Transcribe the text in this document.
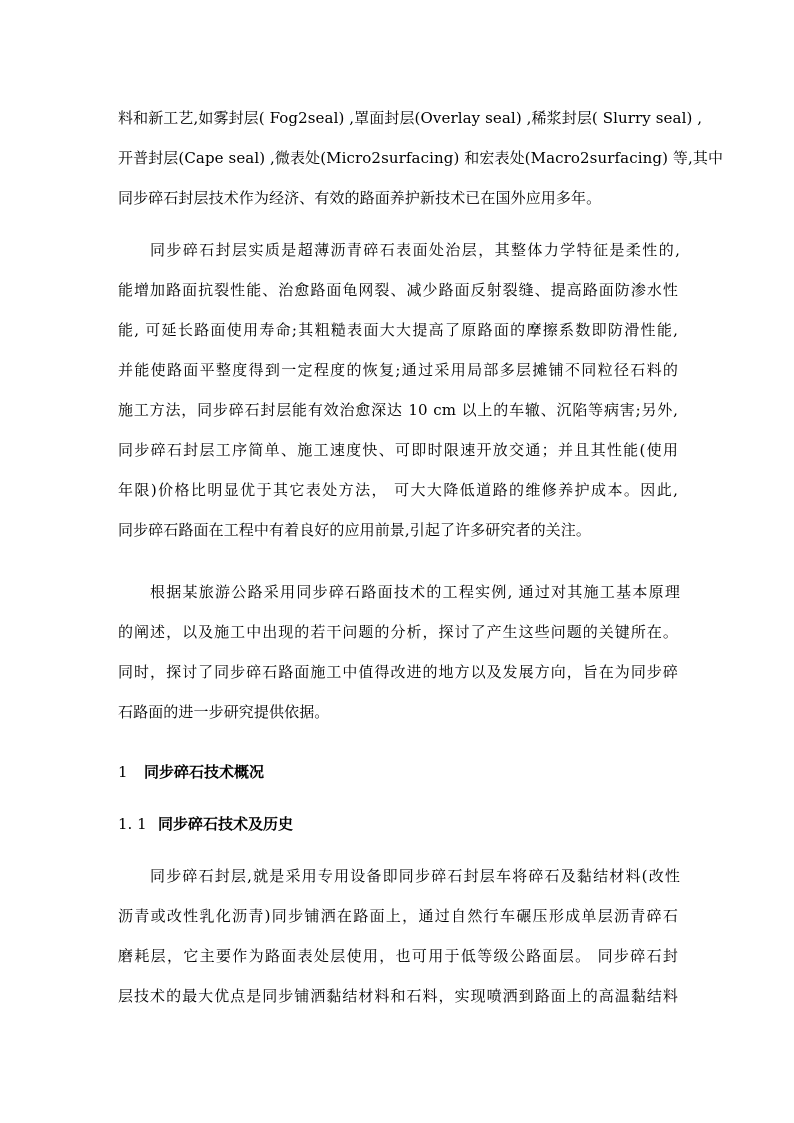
料和新工艺,如雾封层( Fog2seal) ,罩面封层(Overlay seal) ,稀浆封层( Slurry seal) ,
开普封层(Cape seal) ,微表处(Micro2surfacing) 和宏表处(Macro2surfacing) 等,其中
同步碎石封层技术作为经济、有效的路面养护新技术已在国外应用多年。
同步碎石封层实质是超薄沥青碎石表面处治层，其整体力学特征是柔性的,
能增加路面抗裂性能、治愈路面龟网裂、减少路面反射裂缝、提高路面防渗水性
能, 可延长路面使用寿命;其粗糙表面大大提高了原路面的摩擦系数即防滑性能,
并能使路面平整度得到一定程度的恢复;通过采用局部多层摊铺不同粒径石料的
施工方法，同步碎石封层能有效治愈深达 10 cm 以上的车辙、沉陷等病害;另外,
同步碎石封层工序简单、施工速度快、可即时限速开放交通；并且其性能(使用
年限)价格比明显优于其它表处方法， 可大大降低道路的维修养护成本。因此,
同步碎石路面在工程中有着良好的应用前景,引起了许多研究者的关注。
根据某旅游公路采用同步碎石路面技术的工程实例, 通过对其施工基本原理
的阐述，以及施工中出现的若干问题的分析，探讨了产生这些问题的关键所在。
同时，探讨了同步碎石路面施工中值得改进的地方以及发展方向，旨在为同步碎
石路面的进一步研究提供依据。
1 同步碎石技术概况
1. 1 同步碎石技术及历史
同步碎石封层,就是采用专用设备即同步碎石封层车将碎石及黏结材料(改性
沥青或改性乳化沥青)同步铺洒在路面上，通过自然行车碾压形成单层沥青碎石
磨耗层，它主要作为路面表处层使用，也可用于低等级公路面层。 同步碎石封
层技术的最大优点是同步铺洒黏结材料和石料，实现喷洒到路面上的高温黏结料
